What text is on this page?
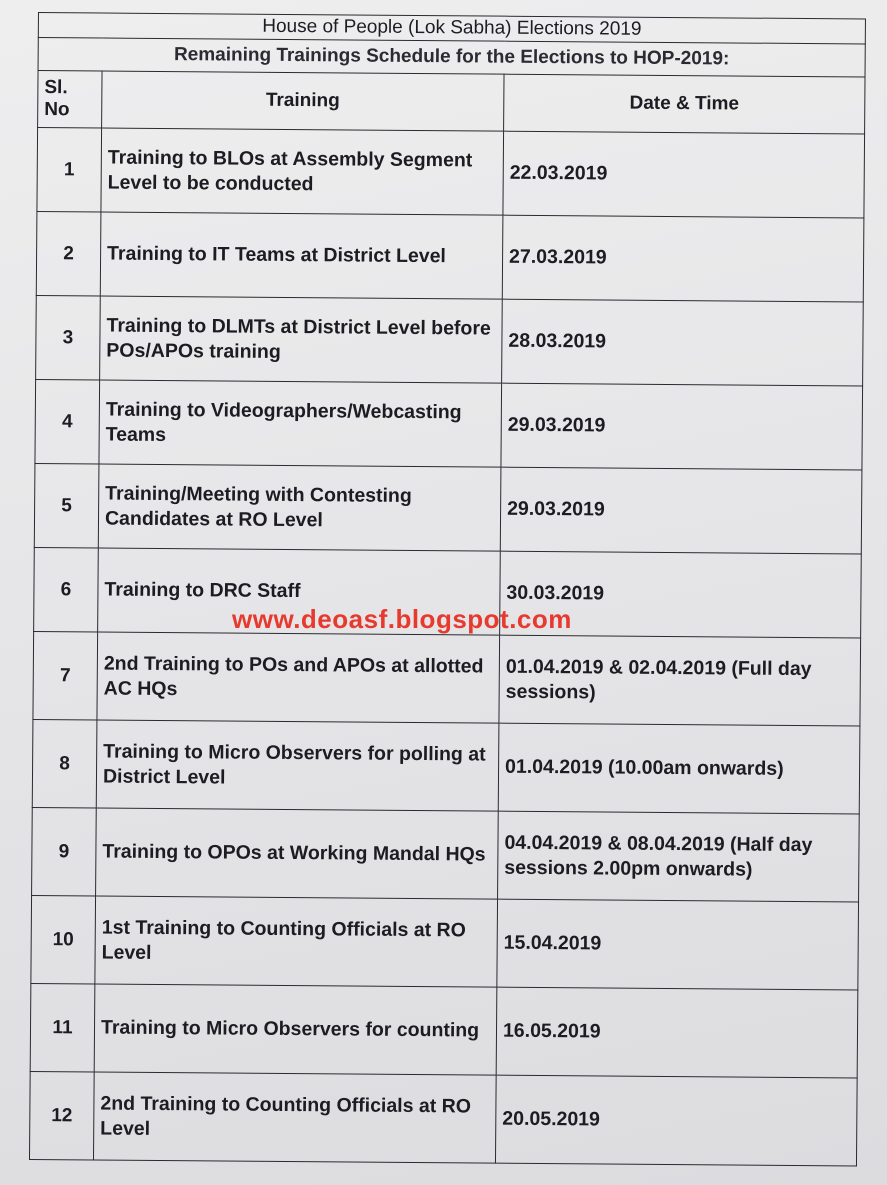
House of People (Lok Sabha) Elections 2019		
Remaining Trainings Schedule for the Elections to HOP-2019:		
Sl. No	Training	Date & Time
1	Training to BLOs at Assembly Segment Level to be conducted	22.03.2019
2	Training to IT Teams at District Level	27.03.2019
3	Training to DLMTs at District Level before POs/APOs training	28.03.2019
4	Training to Videographers/Webcasting Teams	29.03.2019
5	Training/Meeting with Contesting Candidates at RO Level	29.03.2019
6	Training to DRC Staff	30.03.2019
7	2nd Training to POs and APOs at allotted AC HQs	01.04.2019 & 02.04.2019 (Full day sessions)
8	Training to Micro Observers for polling at District Level	01.04.2019 (10.00am onwards)
9	Training to OPOs at Working Mandal HQs	04.04.2019 & 08.04.2019 (Half day sessions 2.00pm onwards)
10	1st Training to Counting Officials at RO Level	15.04.2019
11	Training to Micro Observers for counting	16.05.2019
12	2nd Training to Counting Officials at RO Level	20.05.2019
www.deoasf.blogspot.com
